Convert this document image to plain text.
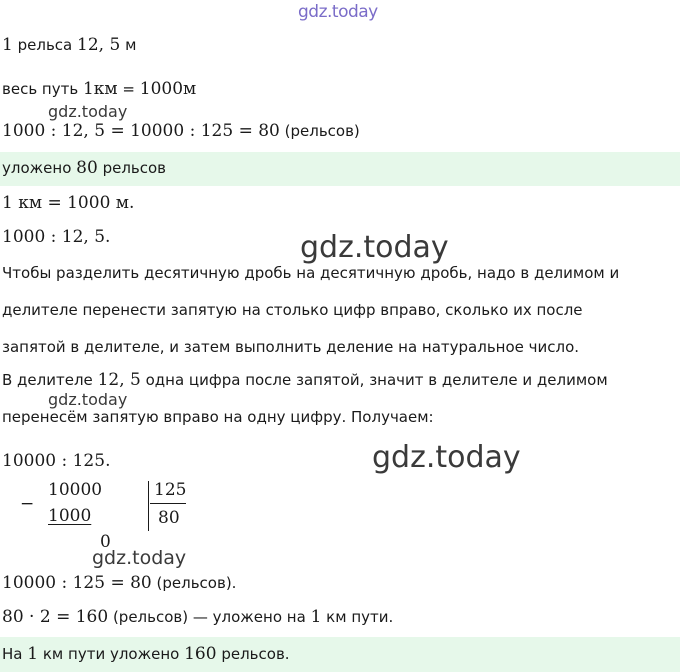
gdz.today
1 рельса 12, 5 м
весь путь 1км = 1000м
gdz.today
1000 : 12, 5 = 10000 : 125 = 80 (рельсов)
уложено 80 рельсов
1 км = 1000 м.
1000 : 12, 5.	gdz.today
Чтобы разделить десятичную дробь на десятичную дробь, надо в делимом и
делителе перенести запятую на столько цифр вправо, сколько их после
запятой в делителе, и затем выполнить деление на натуральное число.
В делителе 12, 5 одна цифра после запятой, значит в делителе и делимом
gdz.today
перенесём запятую вправо на одну цифру. Получаем:
10000 : 125.	gdz.today
−
10000
1000
125
80
0
gdz.today
10000 : 125 = 80 (рельсов).
80 · 2 = 160 (рельсов) — уложено на 1 км пути.
На 1 км пути уложено 160 рельсов.
